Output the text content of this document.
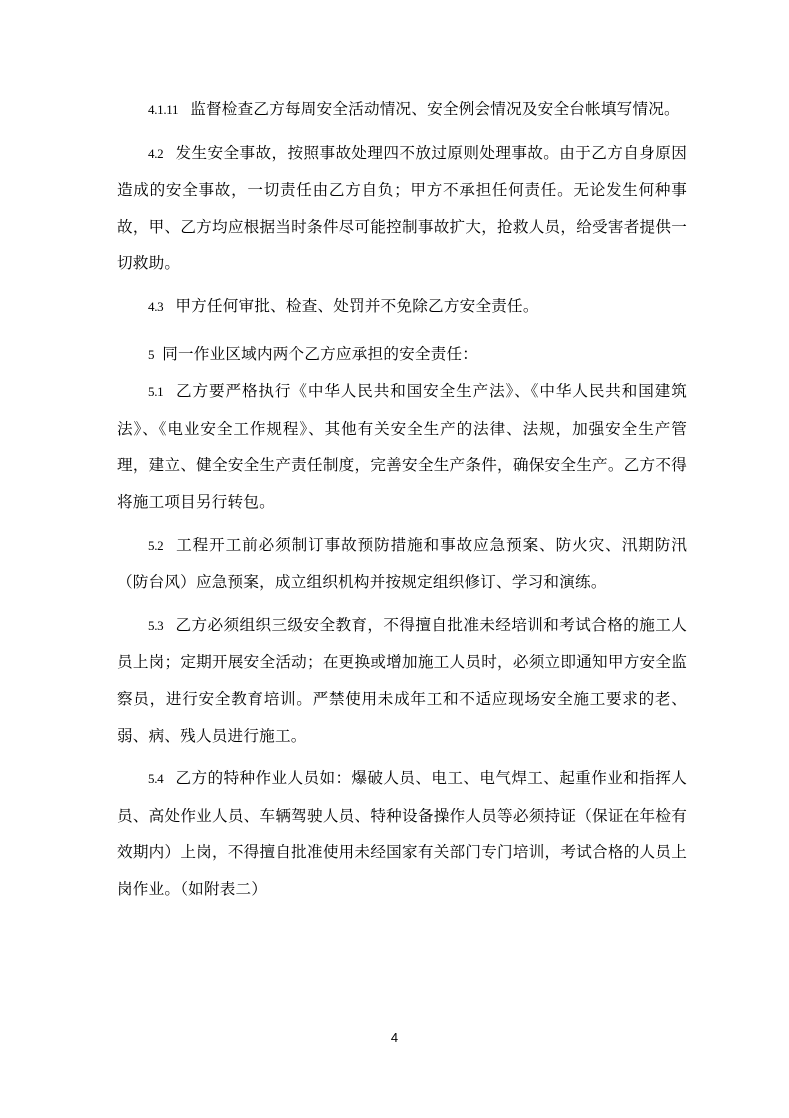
4.1.11 监督检查乙方每周安全活动情况、安全例会情况及安全台帐填写情况。

4.2 发生安全事故，按照事故处理四不放过原则处理事故。由于乙方自身原因造成的安全事故，一切责任由乙方自负；甲方不承担任何责任。无论发生何种事故，甲、乙方均应根据当时条件尽可能控制事故扩大，抢救人员，给受害者提供一切救助。

4.3 甲方任何审批、检查、处罚并不免除乙方安全责任。

5 同一作业区域内两个乙方应承担的安全责任：

5.1 乙方要严格执行《中华人民共和国安全生产法》、《中华人民共和国建筑法》、《电业安全工作规程》、其他有关安全生产的法律、法规，加强安全生产管理，建立、健全安全生产责任制度，完善安全生产条件，确保安全生产。乙方不得将施工项目另行转包。

5.2 工程开工前必须制订事故预防措施和事故应急预案、防火灾、汛期防汛（防台风）应急预案，成立组织机构并按规定组织修订、学习和演练。

5.3 乙方必须组织三级安全教育，不得擅自批准未经培训和考试合格的施工人员上岗；定期开展安全活动；在更换或增加施工人员时，必须立即通知甲方安全监察员，进行安全教育培训。严禁使用未成年工和不适应现场安全施工要求的老、弱、病、残人员进行施工。

5.4 乙方的特种作业人员如：爆破人员、电工、电气焊工、起重作业和指挥人员、高处作业人员、车辆驾驶人员、特种设备操作人员等必须持证（保证在年检有效期内）上岗，不得擅自批准使用未经国家有关部门专门培训，考试合格的人员上岗作业。（如附表二）

4
